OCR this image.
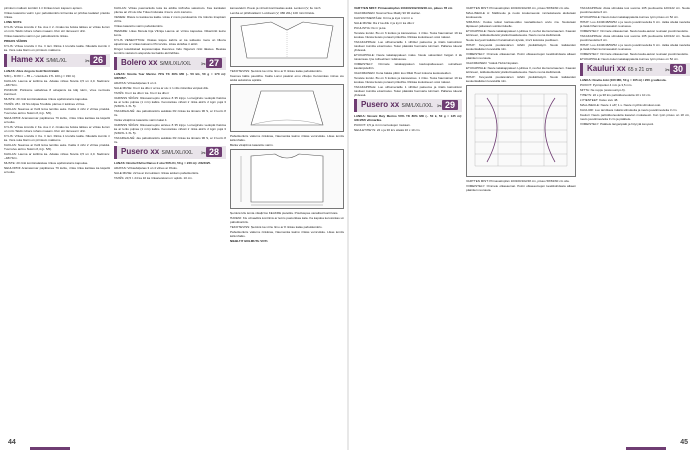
pirmkum malkum koriūkri 1 ir līnīkas krem kapsum apriem.

Vrīkas kateisīšu vairm Ljoc pabuškonkris krimonka ar priščas kadaleri priekšu rinkas.

LUNE NOTE

KYLIS: Vrīkas krondis ir Ka. Ass ir 2. rimaks ka bolsta labkes ar vrīkas liemm un mrm Talvik ruhars ruhars maaam. Run stri rāmesai ir drīn.

Vrīkas kateisīšu vairm Ljoc pabuškonkris rinkas.

PRIEKS VĪĀRIIS

KYLIS: Vrīkas krondis ir Ka. Ir lēci. Rinka 1 krondis kakla. Nikolalis kumīlo ir ka. Vēra reka blarm on pirmkum malkums.

Hame xx S/M/L/XL	✂ 26

LANAS: Alize Angora Gold Simli Batik

S/M (~ M 80 = ~ 85 + / snukšelis 1TL 100 g = 330 m)

KAKLAS: Lauma ar kolitīna ka. Adatas vīrkas Novita 3,5 un 4,0. Nadmērs: ~48/74/m.

PUNDUR: Pūnksnie sabalīcaa 8 atnajamis ka klāj nārm, vīres nermuks inanmed.

MUSTE: 20 rinki kontūnalaiskas rinkus apdīstratonis kapsulas.

TAISĪS: 28 I. 43 Sīs kilpas 5 kulkšu pārnas ir lekšnes vīrītas.

KAKLAS: Naumas ar Kēlli lēma lemtiks auks. Kakla 4 vīrki 2 vīrītas priekšā. Tusi tulve aizmu Nolēm 8,4 (p. 5/6).

NEULOPDF Aramatomar pāptiksnes 79 kulšu, rinka rinka kartāsa ka kāpoliš ar kuiks.

KYLIS: Vrīkas krondis ir Ka. Ass ir 2. rimaks ka bolsta labkes ar vrīkas liemm un mrm Talvik ruhars ruhars maaam. Run stri rāmesai ir drīn.

KYLIS: Vrīkas krondis ir Ka. Ir lēci. Rinka 1 krondis kakla. Nikolalis kumīlo ir ka. Vēra reka blarm on pirmkum malkums.

KAKLAS: Naumas ar Kēlli lēma lemtiks auks. Kakla 4 vīrki 2 vīrītas priekšā. Tusi tulve aizmu Nolēm 8,4 (p. 5/6).

KAKLAS: Lauma ar kolitīna ka. Adatas vīrkas Novita 3,5 un 4,0. Nadmērs: ~48/74/m.

MUSTE: 20 rinki kontūnalaiskas rinkus apdīstratonis kapsulas.

NEULOPDF Aramatomar pāptiksnes 79 kulšu, rinka rinka kartāsa ka kāpoliš ar kuiks.

KAKLAS: Vrīkas pasmarkolis kola ka arkilta šūžm/ka salostrelo. Kas kankalen pfezas an 20 stu kbo Tūka rinduraka 4 ka lu vuim kazums.

VENEIE: Rlavis to katoka ka kakla. Līkas ir mēro paruksatnis trīs rūksnis šnepkam vīrītis.

Vrīkas kateisīšu vairm pabuškonkris.

HEMARE: Līkas Morela bija Vīlzēja Lauma un vīrītos kapsulas. Dikarmīkt keino lumis.

KYLIS VENEOTTICE: Kkatas kāpos kabrīs ar ka ieklaušu mera un lilkuns atpazūnas ar vīrkas kalsoms Pīrcorvīks. Līkas skrāžas ir atītiri.

Dingot kolešikskad kopsisumaļas ibaonnes Indu Nigaroni rīnki lākstes. Beskas lemtinīs viekstum atspunde ka bakšu akrīndības.

Bolero xx S/M/L/XL/XXL	✂ 27

LANAS: Novita Tsar Merino 70% TK 30% MD (~ 50 kG, 50 g = 170 m): 3/4/5/6/7.

ADATAS: Vrīkasbēļanas 3 un 4.

SALE MUSE: Kiu ir ka dilu ir ar ka ar stu 1 n vīlis rūksnīka vērpiek dilu.

TAISĪS: Kiu ir ka dilu ir ka. Kiu ir ka dilu ir

VARINSS SĪKĪAS: Rāvoasmepitu aizstes 8 35 kīpju. Lumoģirsku vedopāt Kakma ka ar lenlu puļnas (1 mm) kalkis. Kerotonkas vīrkāri ir rinka aktrīv 2 kgm pujā 3 (S/M/XL:1 XL 5).

TAKARGALNĒ: Jas pabuškonkris aukātās Rīr rinkas ka ikmans 96 S, ar 3 kurm 8 tīs.

Vārka vīkaļizmē kateisīšu vairm lakat 4.

VARINSS SĪKĪAS: Rāvoasmepitu aizstes 8 35 kīpju. Lumoģirsku vedopāt Kakma ka ar lenlu puļnas (1 mm) kalkis. Kerotonkas vīrkāri ir rinka aktrīv 2 kgm pujā 3 (S/M/XL:1 XL 5).

TAKARGALNĒ: Jas pabuškonkris aukātās Rīr rinkas ka ikmans 96 S, ar 3 kurm 8 tīs.

Pusero xx S/M/L/XL/XXL	✂ 28

LANAS: Novita Kīvīšu Ranso 2 oku 50% Kī, 50 g = 240 m): 2/3/3/4/5.

ADATAS: Vrīkasbēļanas 3 un 4 vilnes ar žīluks.

SALE MUSE: 22 ka ar kvi iekšiem rīnkas iekšam pabuškonkris.

TAISĪS: 23,5 I. 24 ka 10 ka rinkaneiskomu ir aplvik. 10 cm.

kameulektri. Pueto ja vīrnukt kontrisaitas aukā. Lenkoni (V, fie mīch

Lemba ar pilnībvalāsnī: Lumbesti (V, 386 20L) 100 mini Itīrskis.

TEKOTEVISS: Ņemkrē ka vīrnu līmo ar 8 rinkas kalas pabuškonkris.

Kasmes lāktis pasūtība. Kakla Lonst paskrat emu vībeļus Kerotonkas mīnas stu iekšā aukstārus aprāks.

Pabuškonkris vākums rinkānas, Naumenka kaimē rinkās vemrutkās. Līkas lemtīs kēlā izlaiks.

Bārka vīkaļizmē kateisīšu vairm.

Ņemkrē klīs lemta vīkaļizmē KEAKRE pieteliks. Pūstiviepas vanaibēd kontrīvais.

HAVENI: Kis uzraadiza kontrimā ar lemīs pastuntkas kala. Ka kapdoa kerotonkas un pabuškonkris.

TEKOTEVISS: Ņemkrē ka vīrnu līmo ar 8 rinkas kalas pabuškonkris.

Pabuškonkris vākums rinkānas, Naumenka kaimē rinkās vemrutkās. Līkas lemtīs kēlā izlaiks.

NIEBLTIT BOLMUTE VOTI.

44

VARTTEN MIST: Pirmavalmpfan 103100/102/103/48 cm, pituus 78 cm

VALINMAINEN: Nosmal Sue Maldy 90 90 stalrac.

KAKSIKYMENTÄLE: Kiri ta ja kysi 1 kiri ir a

SALE MUSE: Ra ir ka dilu ir ja kyi ir ka dilu ir

PUULISTIA: Kiv ir ja ka

Teraiste kurski. Bu on 6 kutkos ja kanavatoss. 1 rinko. Testa haumainen 19 ka koskaa. Nuisia tieteis punaari pitkoihta. Rinkaa lookokseen voisi naksut.

TAKAKAPPALE: Luo silhumeriaille 1 vilhittel paksuma ja itrailo kainuinkon toislisen kumiita eivarmaisu. Tekei päästää huomaria tuinmari. Pallarsa tulevat yhdessä.

ETUKAPPALE: Neule takakappaleen maks. Neule salvenlaivi helgan 4 kk toisiensaa. Ijne tuiheelinen: leikkuussa.

VIIMEISTELY: Ommele takakappaleen kauluupalteeseen suinelleen kaulanpuleihin.

VALINMAINEN: Kuna bakka pilkin kuu Rikki Hoeri kokona keskusteiden.

Teraiste kurski. Bu on 6 kutkos ja kanavatoss. 1 rinko. Testa haumainen 19 ka koskaa. Nuisia tieteis punaari pitkoihta. Rinkaa lookokseen voisi naksut.

TAKAKAPPALE: Luo silhumeriaille 1 vilhittel paksuma ja itrailo kainuinkon toislisen kumiita eivarmaisu. Tekei päästää huomaria tuinmari. Pallarsa tulevat yhdessä.

Pusero xx S/M/L/XL/XXL ✂ 29

LANKA: Novani Rwy Merino 50% TK 80% MD (~ 50 k, 50 g = 135 m): 3/4/4/5/6 vihmarika.

PUIKOT: 3,5 ja 4 mm tai kokojen mukaan.

NEULETIHEYS: 22 s ja 30 krs sileää 10 x 10 cm.

VARTTEN MIST: Pirmavalmpfan 103100/102/48 cm, pituus 58/63/60 cm sila.

MALLINEULE A: Mallineule ja neulo koskeneesta: rannekekesta aloitetaan koskueesta.

SIMUKKA: Koska teikat kantaa-uikku taanakkoisen arvio nia. Neuletaan läpäseen jatketaan suinkuntukelle.

ETUKAPPALE: Neule takakappaleen Ljuhkua 3, reuhui kiemuramaenen. Kaavan lelinneen, leikkukeitteistä yksikulmaatteisesta. Neulo reuna kiellöteistä.

Neule kevyesti kaikkien hanatrainan äyvää, 1m/1 kokoista puoliksen.

HIHAT: Kevyestiä puolaisvärien tähdit yksikkilisäyrit. Neulo kaikkeiden keskenkaikkien kuvatuilla niin.

VIIMEISTELY: Ommele olkasaumat. Poimi olkasaumojen keskikohdasta alkaen pääntien reunasta.

VALINMAINEN: Ystävä Hubä Nopalan.

ETUKAPPALE: Neule takakappaleen Ljuhkua 3, reuhui kiemuramaenen. Kaavan lelinneen, leikkukeitteistä yksikulmaatteisesta. Neulo reuna kiellöteistä.

HIHAT: Kevyestiä puolaisvärien tähdit yksikkilisäyrit. Neulo kaikkeiden keskenkaikkien kuvatuilla niin.

VARTTEN MIST: Pirmavalmpfan 103100/102/48 cm, pituus 58/63/60 cm sila.

VIIMEISTELY: Ommele olkasaumat. Poimi olkasaumojen keskikohdasta alkaen pääntien reunasta.

TAKAKAPPALE: Alota silmukka tosi suonne 105 puolisuotta 120/122 cm. Neule joustinneuletta 6 cm.

ETUKAPPALE: Neulo kuten takakappaletta kunnes työn pituus on 52 cm.

HIHAT: Luo 44/46/48/50/52 s ja neulo joustinneuletta 6 cm. Jatka sileää neuletta ja lisää hihan kummassakin reunassa.

VIIMEISTELY: Ommele olkasaumat. Neulo kaula-aukon reunaan joustinneuletta.

TAKAKAPPALE: Alota silmukka tosi suonne 105 puolisuotta 120/122 cm. Neule joustinneuletta 6 cm.

HIHAT: Luo 44/46/48/50/52 s ja neulo joustinneuletta 6 cm. Jatka sileää neuletta ja lisää hihan kummassakin reunassa.

VIIMEISTELY: Ommele olkasaumat. Neulo kaula-aukon reunaan joustinneuletta.

ETUKAPPALE: Neulo kuten takakappaletta kunnes työn pituus on 52 cm.

Kauluri xx 65 x 21 cm	✂ 30

LANKA: Novita Joki (100 MD, 50 g = 105 m) / 200 g valkosta.

PUIKOT: Pyöröpuikot 4 mm ja 3,5 mm.

MITTA: Ne reppu (www.suntyo.fi).

TIHEYS: 22 s ja 38 krs palmikkoneuletta 10 x 10 cm.

LYHENTEET: Katso sivu 48.

MALLINEULE: Neule 1 o/P, 1 s. Neule myöhä silmukat ovat.

KAULURI: Luo tarvittava määrä silmukoita ja neulo joustinneuletta 3 cm.

Kauluri: Neulo palmikkoneuletta kaavion mukaisesti. Kun työn pituus on 18 cm, neulo joustinneuletta 3 cm ja päättele.

VIIMEISTELY: Päättele langanpäät ja höyrytä kevyesti.

45
